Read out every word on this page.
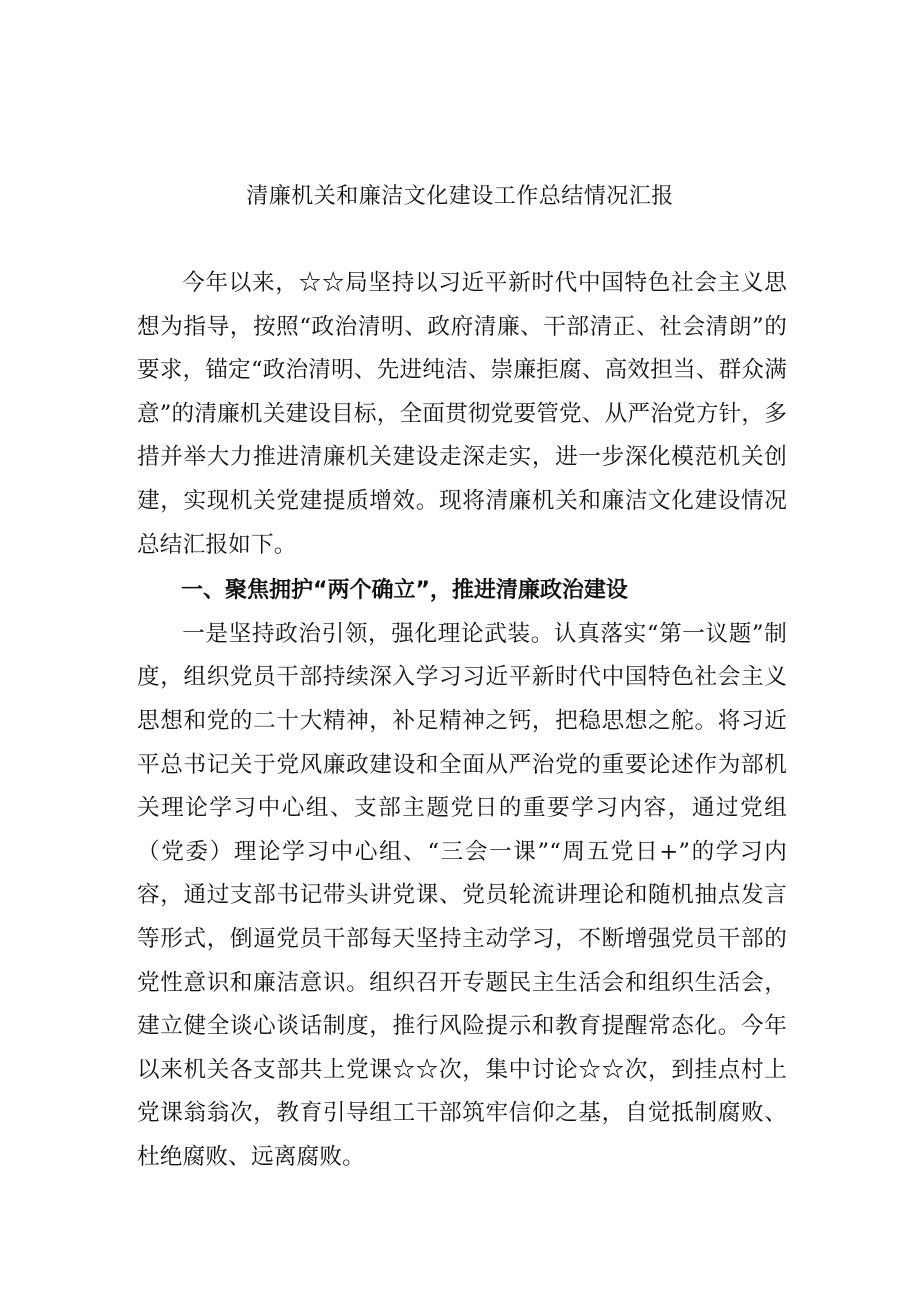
清廉机关和廉洁文化建设工作总结情况汇报

今年以来，☆☆局坚持以习近平新时代中国特色社会主义思想为指导，按照“政治清明、政府清廉、干部清正、社会清朗”的要求，锚定“政治清明、先进纯洁、崇廉拒腐、高效担当、群众满意”的清廉机关建设目标，全面贯彻党要管党、从严治党方针，多措并举大力推进清廉机关建设走深走实，进一步深化模范机关创建，实现机关党建提质增效。现将清廉机关和廉洁文化建设情况总结汇报如下。

一、聚焦拥护“两个确立”，推进清廉政治建设

一是坚持政治引领，强化理论武装。认真落实“第一议题”制度，组织党员干部持续深入学习习近平新时代中国特色社会主义思想和党的二十大精神，补足精神之钙，把稳思想之舵。将习近平总书记关于党风廉政建设和全面从严治党的重要论述作为部机关理论学习中心组、支部主题党日的重要学习内容，通过党组（党委）理论学习中心组、“三会一课”“周五党日+”的学习内容，通过支部书记带头讲党课、党员轮流讲理论和随机抽点发言等形式，倒逼党员干部每天坚持主动学习，不断增强党员干部的党性意识和廉洁意识。组织召开专题民主生活会和组织生活会，建立健全谈心谈话制度，推行风险提示和教育提醒常态化。今年以来机关各支部共上党课☆☆次，集中讨论☆☆次，到挂点村上党课翁翁次，教育引导组工干部筑牢信仰之基，自觉抵制腐败、杜绝腐败、远离腐败。
